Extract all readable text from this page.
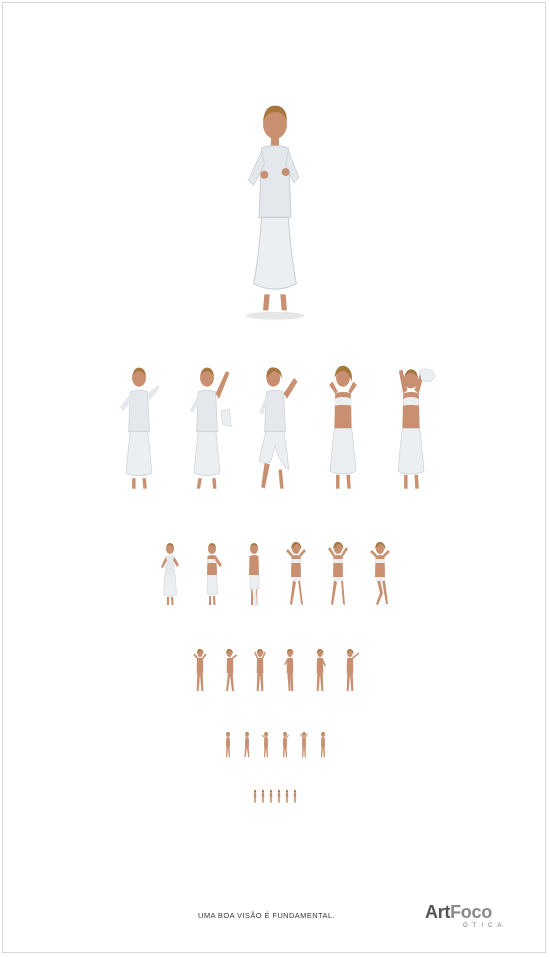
UMA BOA VISÃO É FUNDAMENTAL.	ArtFoco
ÓTICA
